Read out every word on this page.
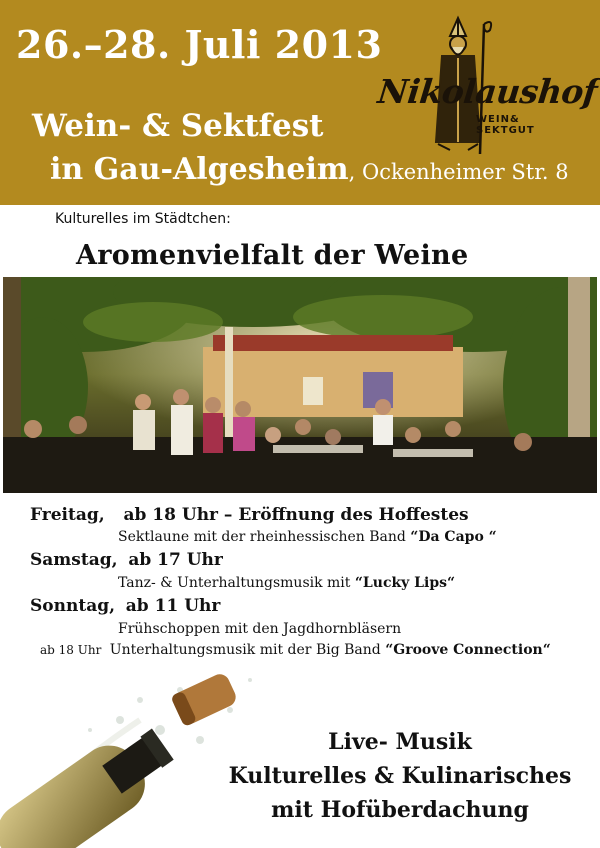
26.–28. Juli 2013
Wein- & Sektfest
in Gau-Algesheim, Ockenheimer Str. 8
Nikolaushof
WEIN&
SEKTGUT
Kulturelles im Städtchen:
Aromenvielfalt der Weine
Freitag, ab 18 Uhr – Eröffnung des Hoffestes
Sektlaune mit der rheinhessischen Band “Da Capo “
Samstag, ab 17 Uhr
Tanz- & Unterhaltungsmusik mit “Lucky Lips“
Sonntag, ab 11 Uhr
Frühschoppen mit den Jagdhornbläsern
ab 18 Uhr Unterhaltungsmusik mit der Big Band “Groove Connection“
Live- Musik
Kulturelles & Kulinarisches
mit Hofüberdachung
